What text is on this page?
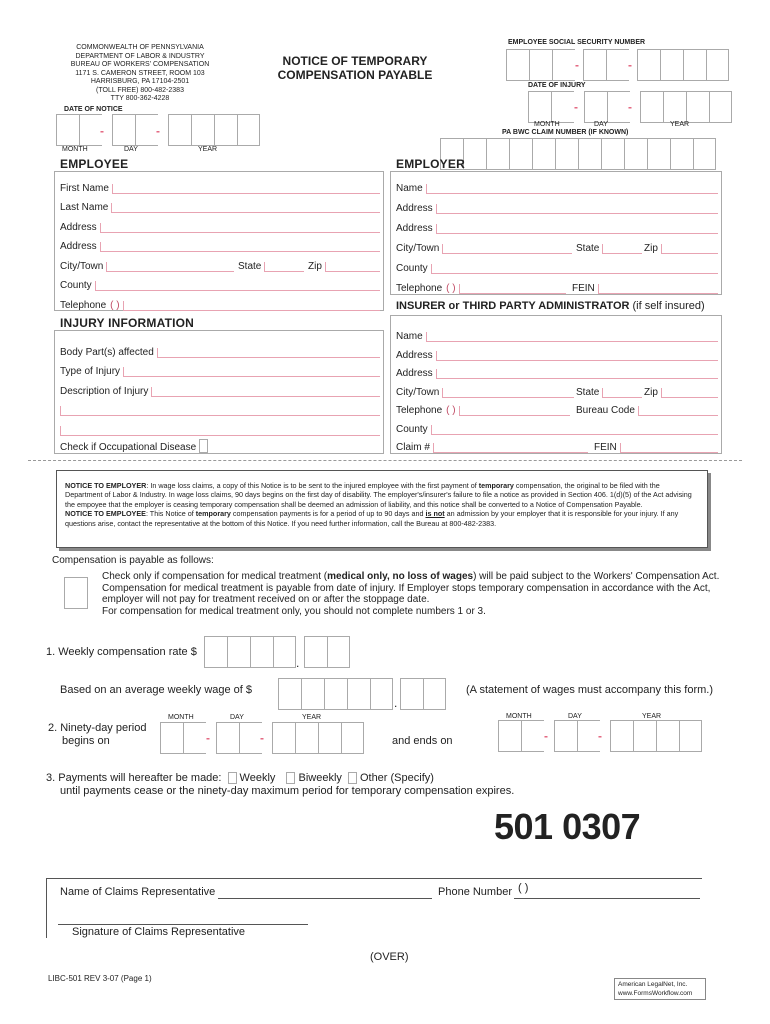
COMMONWEALTH OF PENNSYLVANIA
DEPARTMENT OF LABOR & INDUSTRY
BUREAU OF WORKERS' COMPENSATION
1171 S. CAMERON STREET, ROOM 103
HARRISBURG, PA 17104-2501
(TOLL FREE) 800-482-2383
TTY 800-362-4228
DATE OF NOTICE
-	-
MONTH	DAY	YEAR
NOTICE OF TEMPORARY
COMPENSATION PAYABLE
EMPLOYEE SOCIAL SECURITY NUMBER
-	-
DATE OF INJURY
-	-
MONTH	DAY	YEAR
PA BWC CLAIM NUMBER (IF KNOWN)
EMPLOYEE
First Name
Last Name
Address
Address
City/Town	State	Zip
County
Telephone ( )
INJURY INFORMATION
Body Part(s) affected
Type of Injury
Description of Injury
Check if Occupational Disease
EMPLOYER
Name
Address
Address
City/Town	State	Zip
County
Telephone ( )	FEIN
INSURER or THIRD PARTY ADMINISTRATOR (if self insured)
Name
Address
Address
City/Town	State	Zip
Telephone ( )	Bureau Code
County
Claim #	FEIN
NOTICE TO EMPLOYER: In wage loss claims, a copy of this Notice is to be sent to the injured employee with the first payment of temporary compensation, the original to be filed with the Department of Labor & Industry. In wage loss claims, 90 days begins on the first day of disability. The employer's/insurer's failure to file a notice as provided in Section 406. 1(d)(5) of the Act advising the empoyee that the employer is ceasing temporary compensation shall be deemed an admission of liability, and this notice shall be converted to a Notice of Compensation Payable.
NOTICE TO EMPLOYEE: This Notice of temporary compensation payments is for a period of up to 90 days and is not an admission by your employer that it is responsible for your injury. If any questions arise, contact the representative at the bottom of this Notice. If you need further information, call the Bureau at 800-482-2383.
Compensation is payable as follows:
Check only if compensation for medical treatment (medical only, no loss of wages) will be paid subject to the Workers' Compensation Act.
Compensation for medical treatment is payable from date of injury. If Employer stops temporary compensation in accordance with the Act,
employer will not pay for treatment received on or after the stoppage date.
For compensation for medical treatment only, you should not complete numbers 1 or 3.
1. Weekly compensation rate $
.
Based on an average weekly wage of $
.
(A statement of wages must accompany this form.)
MONTH	DAY	YEAR
2. Ninety-day period
begins on	-	-	and ends on
MONTH	DAY	YEAR
-	-
3. Payments will hereafter be made: Weekly Biweekly Other (Specify)
until payments cease or the ninety-day maximum period for temporary compensation expires.
501 0307
Name of Claims Representative	Phone Number ( )
Signature of Claims Representative
(OVER)
LIBC-501 REV 3-07 (Page 1)
American LegalNet, Inc.
www.FormsWorkflow.com
